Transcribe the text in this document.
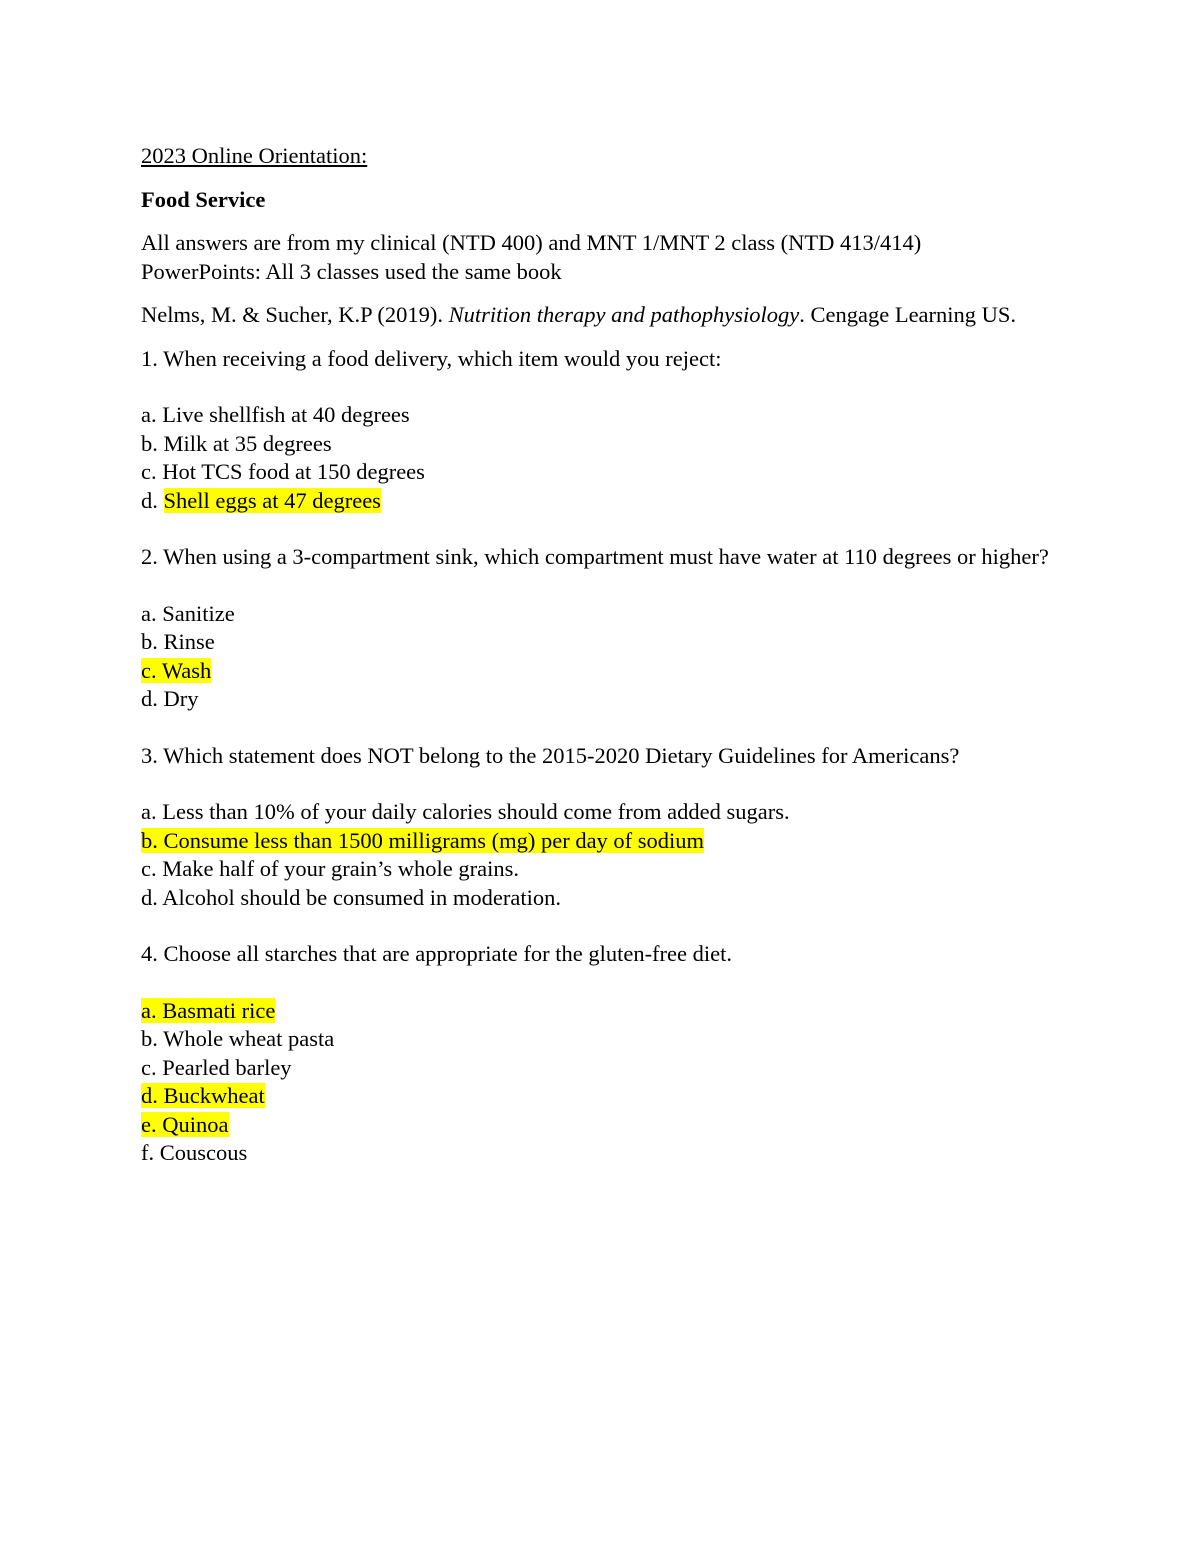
2023 Online Orientation:

Food Service

All answers are from my clinical (NTD 400) and MNT 1/MNT 2 class (NTD 413/414)
PowerPoints: All 3 classes used the same book

Nelms, M. & Sucher, K.P (2019). Nutrition therapy and pathophysiology. Cengage Learning US.

1. When receiving a food delivery, which item would you reject:

a. Live shellfish at 40 degrees
b. Milk at 35 degrees
c. Hot TCS food at 150 degrees
d. Shell eggs at 47 degrees

2. When using a 3-compartment sink, which compartment must have water at 110 degrees or higher?

a. Sanitize
b. Rinse
c. Wash
d. Dry

3. Which statement does NOT belong to the 2015-2020 Dietary Guidelines for Americans?

a. Less than 10% of your daily calories should come from added sugars.
b. Consume less than 1500 milligrams (mg) per day of sodium
c. Make half of your grain’s whole grains.
d. Alcohol should be consumed in moderation.

4. Choose all starches that are appropriate for the gluten-free diet.

a. Basmati rice
b. Whole wheat pasta
c. Pearled barley
d. Buckwheat
e. Quinoa
f. Couscous
